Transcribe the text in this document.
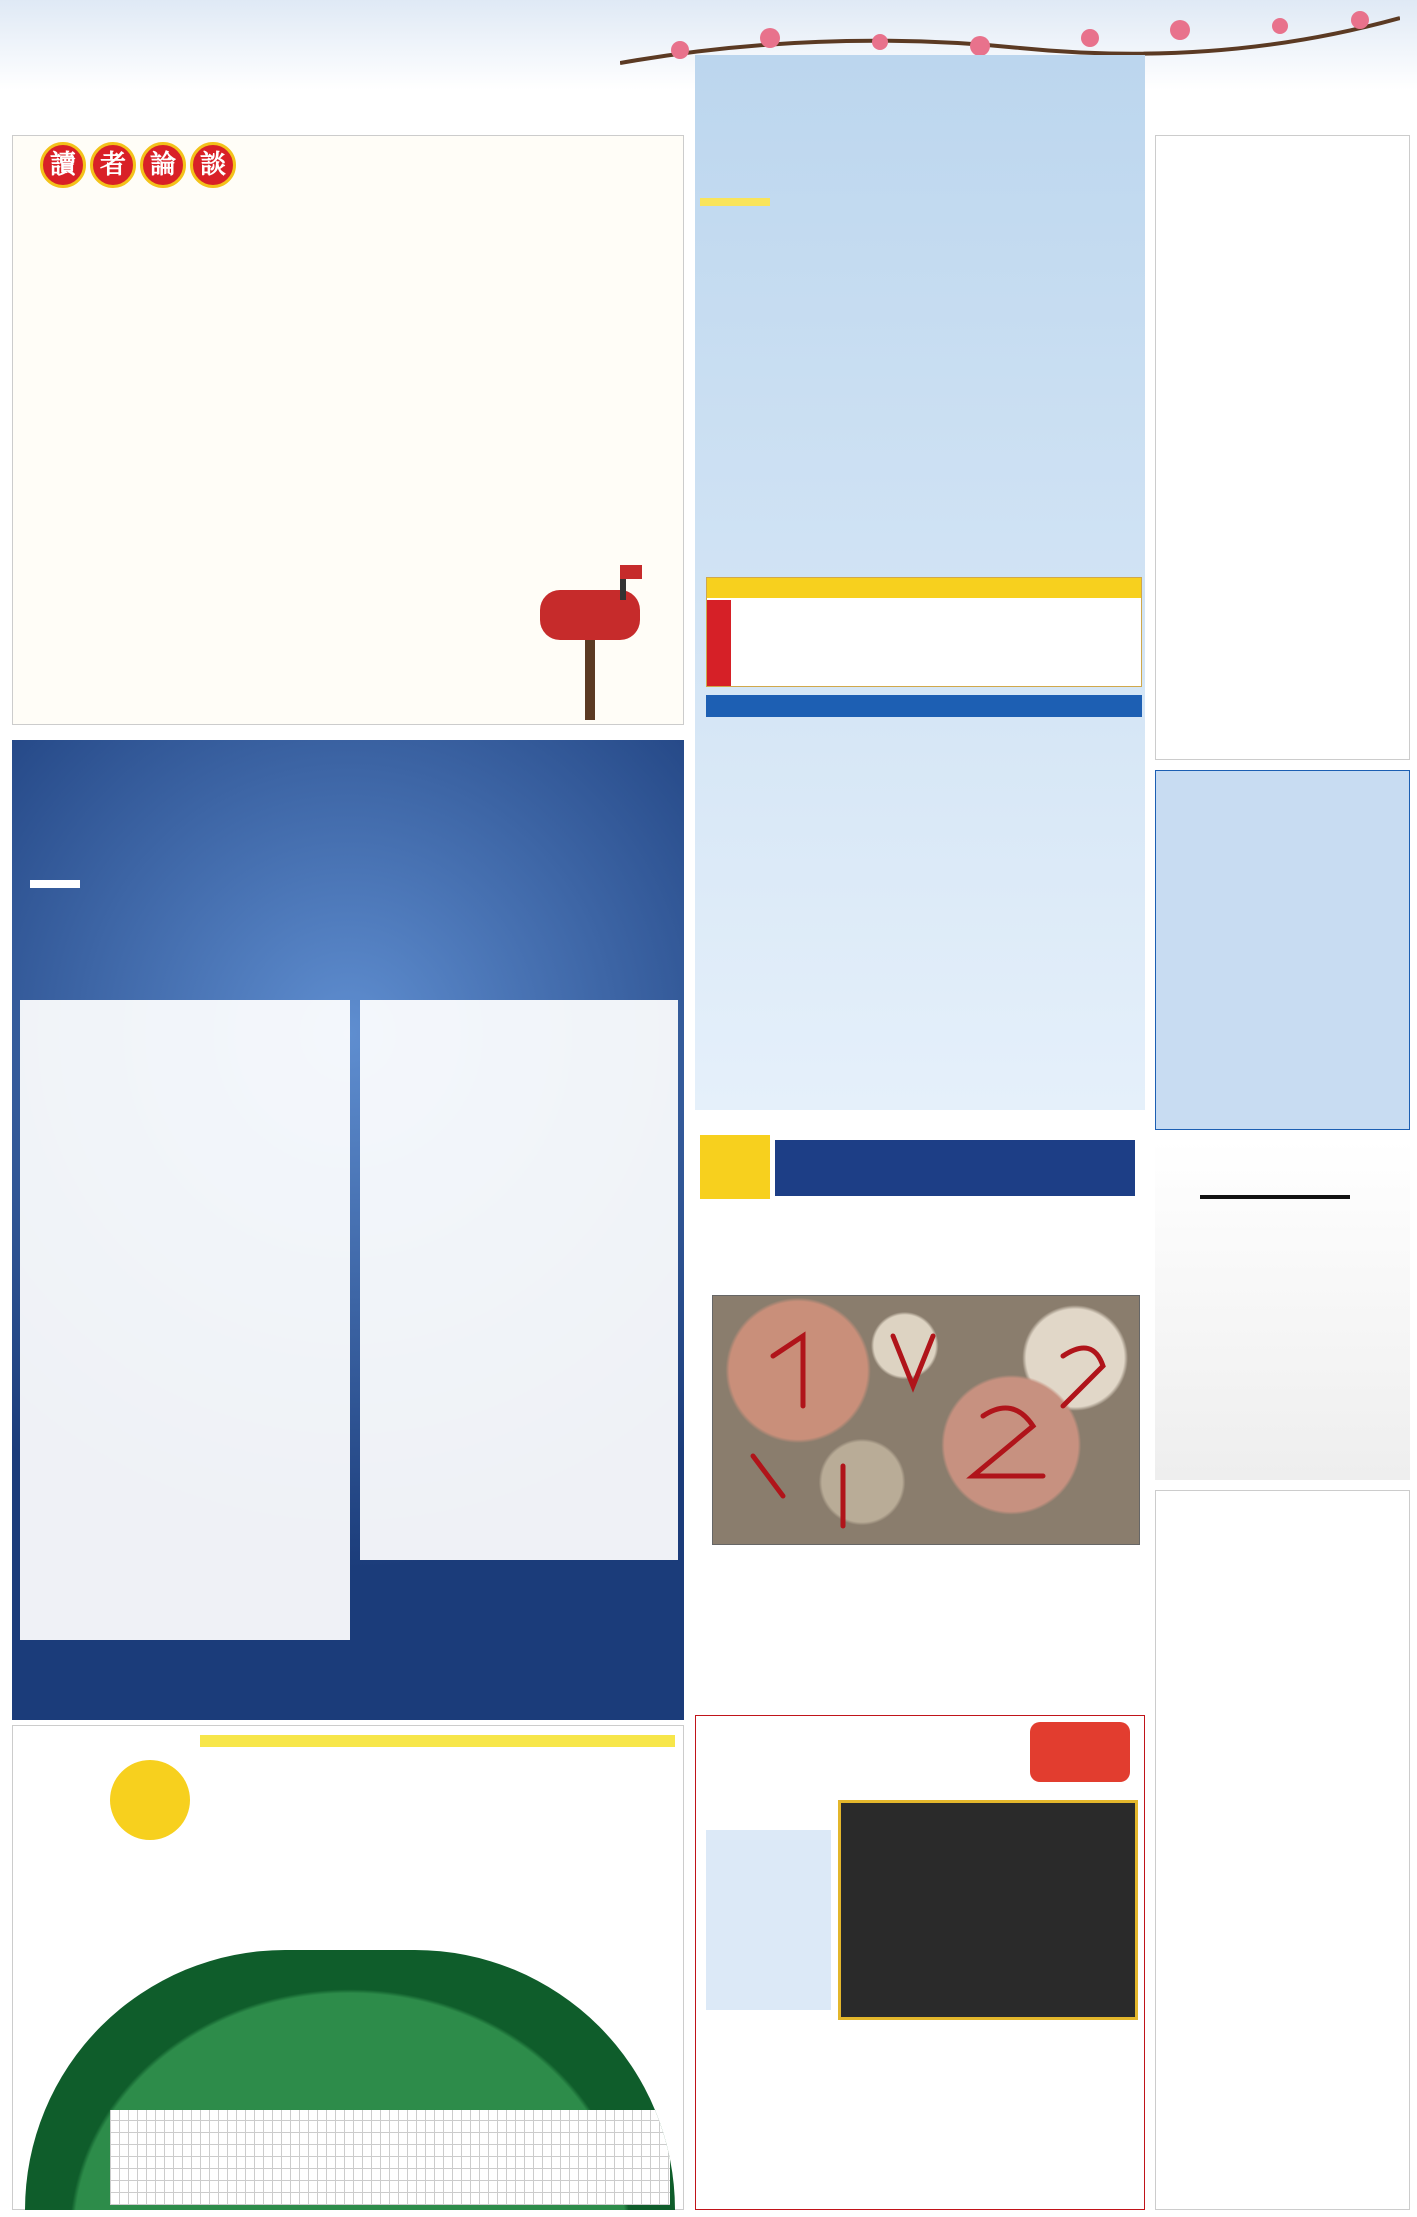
讀 者 論 談
